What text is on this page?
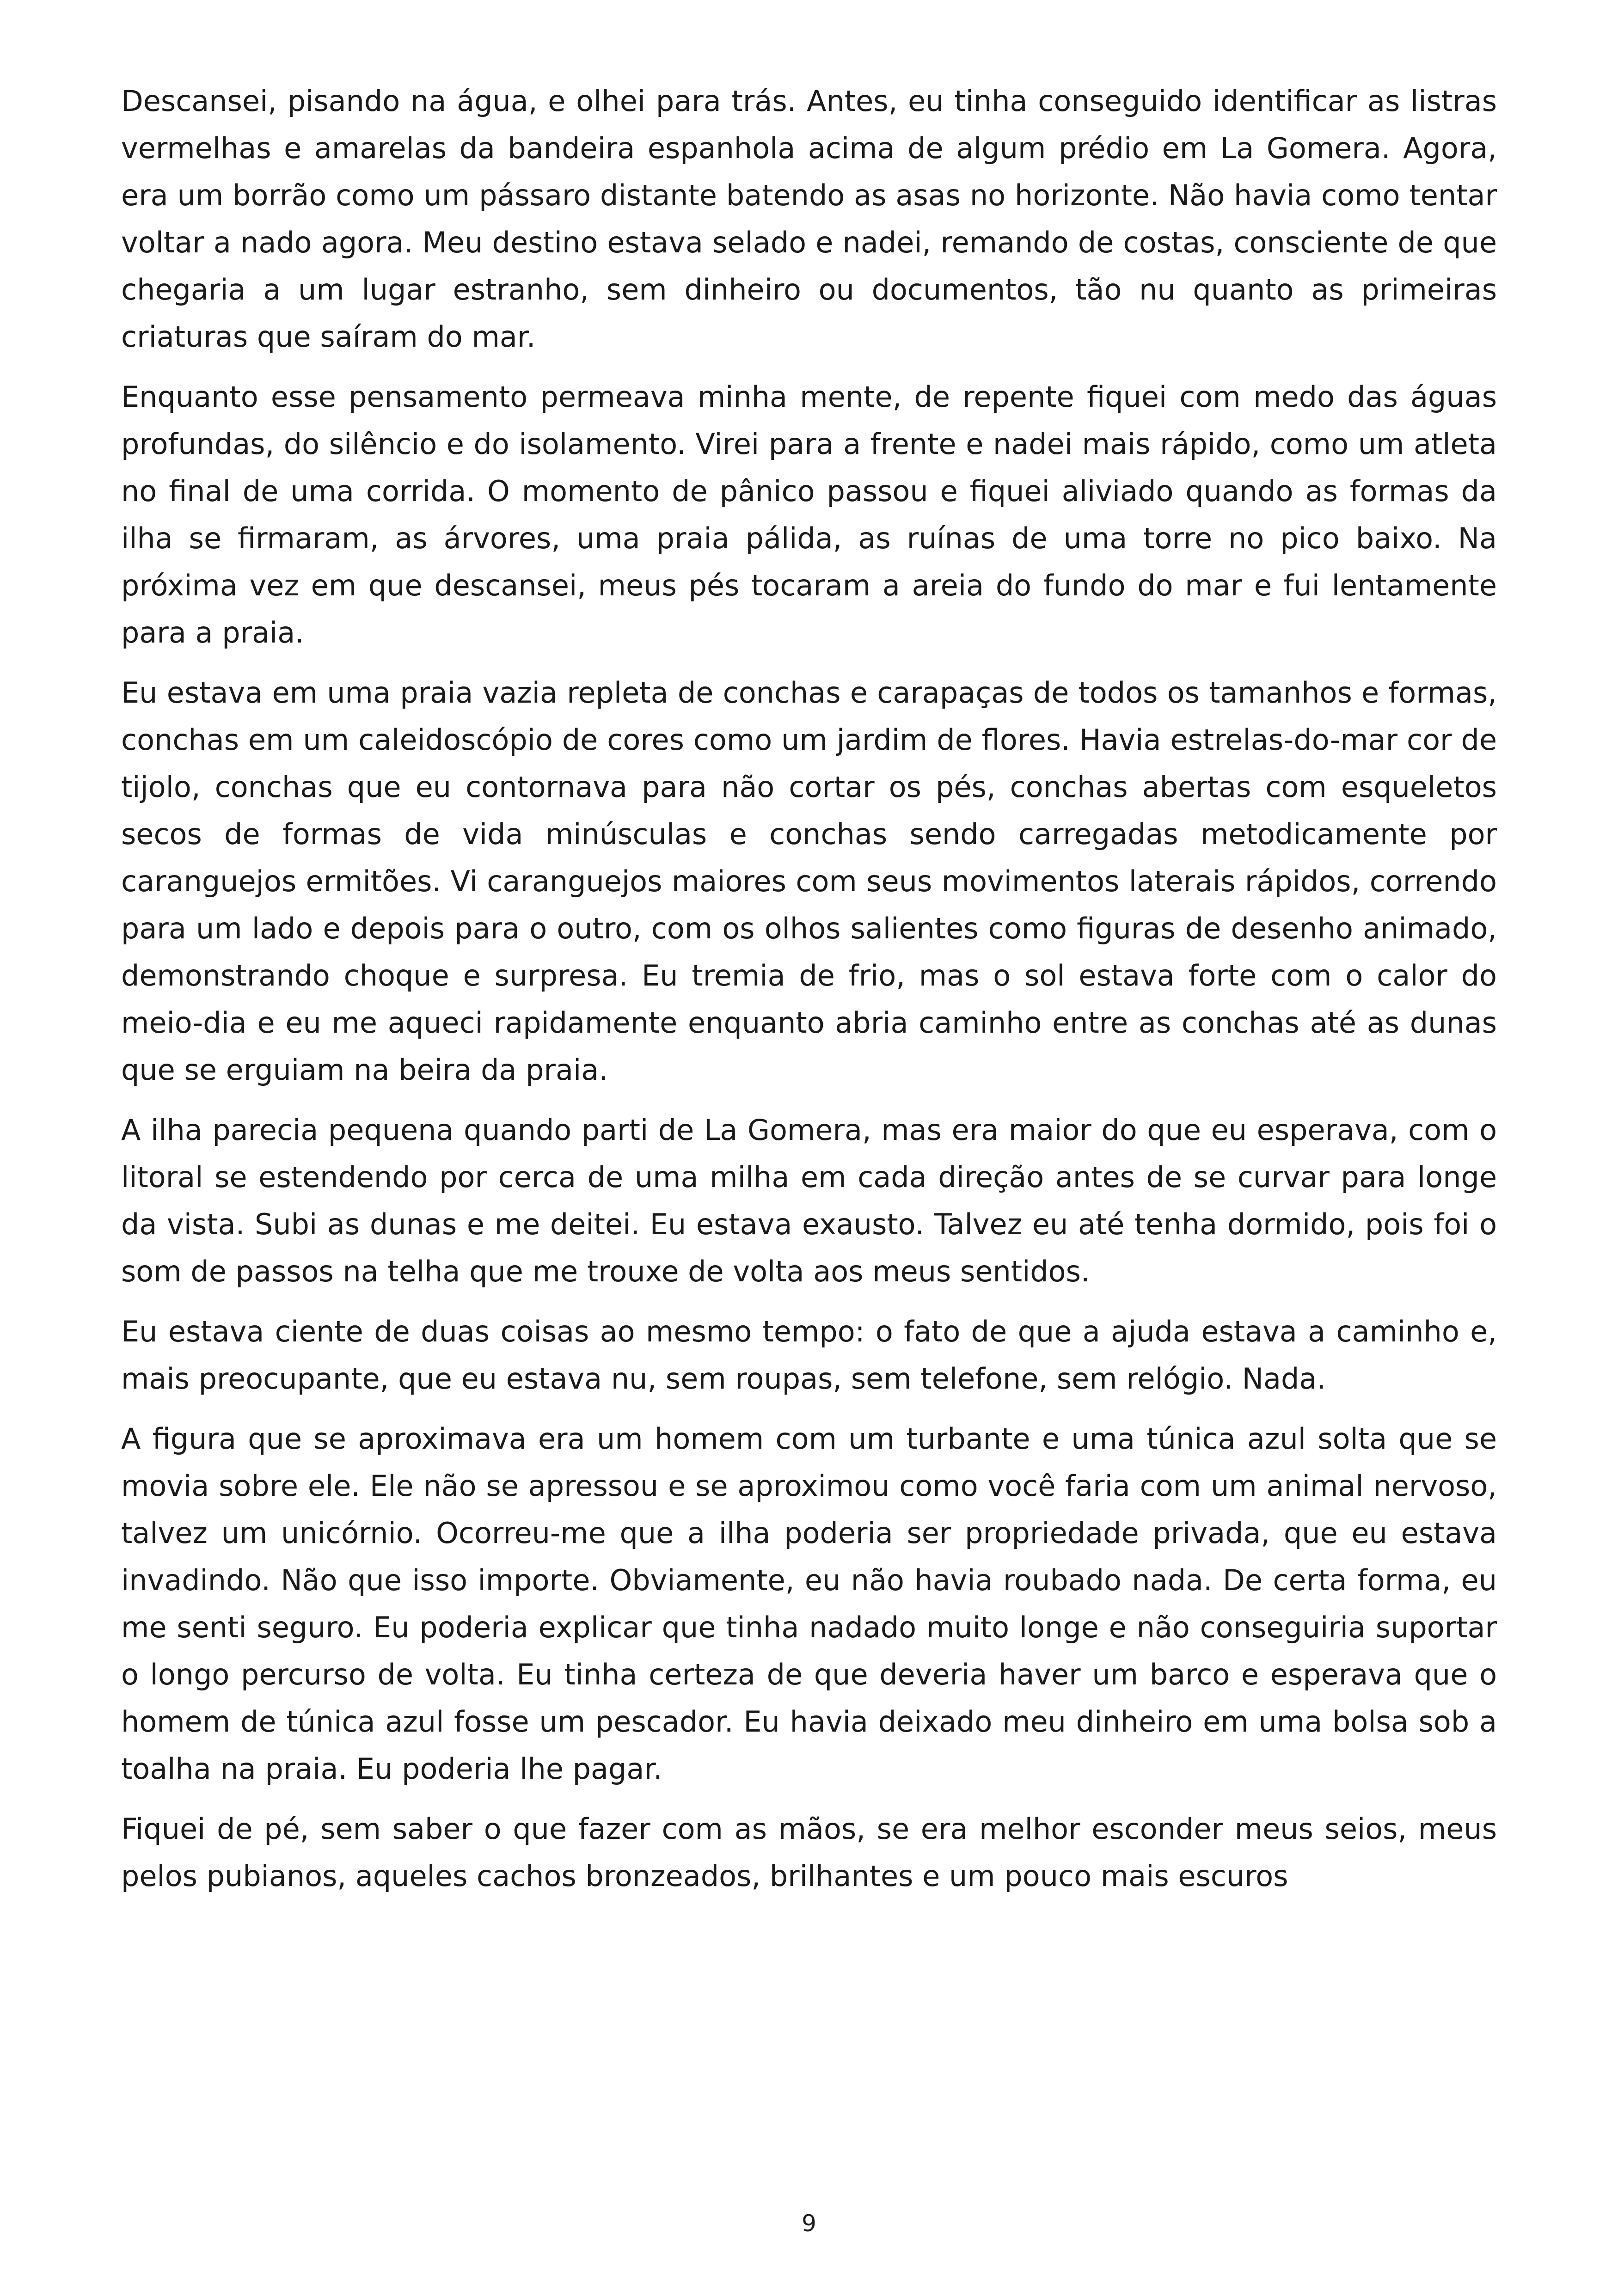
Descansei, pisando na água, e olhei para trás. Antes, eu tinha conseguido identificar as listras vermelhas e amarelas da bandeira espanhola acima de algum prédio em La Gomera. Agora, era um borrão como um pássaro distante batendo as asas no horizonte. Não havia como tentar voltar a nado agora. Meu destino estava selado e nadei, remando de costas, consciente de que chegaria a um lugar estranho, sem dinheiro ou documentos, tão nu quanto as primeiras criaturas que saíram do mar.

Enquanto esse pensamento permeava minha mente, de repente fiquei com medo das águas profundas, do silêncio e do isolamento. Virei para a frente e nadei mais rápido, como um atleta no final de uma corrida. O momento de pânico passou e fiquei aliviado quando as formas da ilha se firmaram, as árvores, uma praia pálida, as ruínas de uma torre no pico baixo. Na próxima vez em que descansei, meus pés tocaram a areia do fundo do mar e fui lentamente para a praia.

Eu estava em uma praia vazia repleta de conchas e carapaças de todos os tamanhos e formas, conchas em um caleidoscópio de cores como um jardim de flores. Havia estrelas-do-mar cor de tijolo, conchas que eu contornava para não cortar os pés, conchas abertas com esqueletos secos de formas de vida minúsculas e conchas sendo carregadas metodicamente por caranguejos ermitões. Vi caranguejos maiores com seus movimentos laterais rápidos, correndo para um lado e depois para o outro, com os olhos salientes como figuras de desenho animado, demonstrando choque e surpresa. Eu tremia de frio, mas o sol estava forte com o calor do meio-dia e eu me aqueci rapidamente enquanto abria caminho entre as conchas até as dunas que se erguiam na beira da praia.

A ilha parecia pequena quando parti de La Gomera, mas era maior do que eu esperava, com o litoral se estendendo por cerca de uma milha em cada direção antes de se curvar para longe da vista. Subi as dunas e me deitei. Eu estava exausto. Talvez eu até tenha dormido, pois foi o som de passos na telha que me trouxe de volta aos meus sentidos.

Eu estava ciente de duas coisas ao mesmo tempo: o fato de que a ajuda estava a caminho e, mais preocupante, que eu estava nu, sem roupas, sem telefone, sem relógio. Nada.

A figura que se aproximava era um homem com um turbante e uma túnica azul solta que se movia sobre ele. Ele não se apressou e se aproximou como você faria com um animal nervoso, talvez um unicórnio. Ocorreu-me que a ilha poderia ser propriedade privada, que eu estava invadindo. Não que isso importe. Obviamente, eu não havia roubado nada. De certa forma, eu me senti seguro. Eu poderia explicar que tinha nadado muito longe e não conseguiria suportar o longo percurso de volta. Eu tinha certeza de que deveria haver um barco e esperava que o homem de túnica azul fosse um pescador. Eu havia deixado meu dinheiro em uma bolsa sob a toalha na praia. Eu poderia lhe pagar.

Fiquei de pé, sem saber o que fazer com as mãos, se era melhor esconder meus seios, meus pelos pubianos, aqueles cachos bronzeados, brilhantes e um pouco mais escuros

9
